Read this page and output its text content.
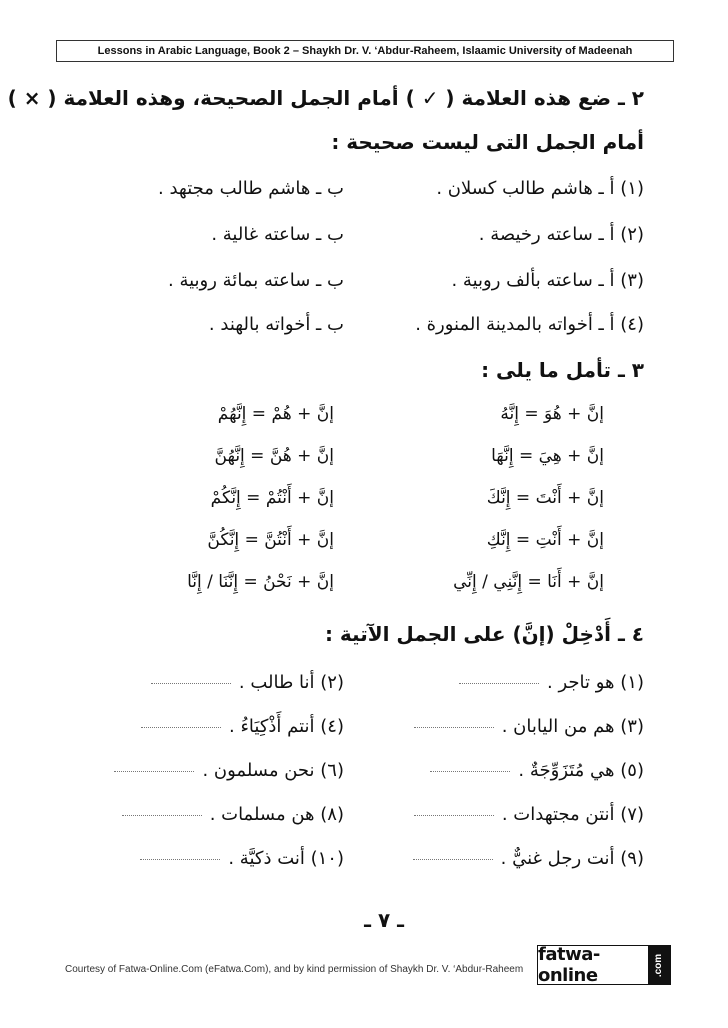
Lessons in Arabic Language, Book 2 – Shaykh Dr. V. ‘Abdur-Raheem, Islaamic University of Madeenah
٢ ـ ضع هذه العلامة ( ✓ ) أمام الجمل الصحيحة، وهذه العلامة ( × )
أمام الجمل التى ليست صحيحة :
(١) أ ـ هاشم طالب كسلان .
ب ـ هاشم طالب مجتهد .
(٢) أ ـ ساعته رخيصة .
ب ـ ساعته غالية .
(٣) أ ـ ساعته بألف روبية .
ب ـ ساعته بمائة روبية .
(٤) أ ـ أخواته بالمدينة المنورة .
ب ـ أخواته بالهند .
٣ ـ تأمل ما يلى :
إنَّ + هُوَ = إِنَّهُ
إنَّ + هُمْ = إِنَّهُمْ
إنَّ + هِيَ = إِنَّهَا
إنَّ + هُنَّ = إِنَّهُنَّ
إنَّ + أَنْتَ = إِنَّكَ
إنَّ + أَنْتُمْ = إِنَّكُمْ
إنَّ + أَنْتِ = إِنَّكِ
إنَّ + أَنْتُنَّ = إِنَّكُنَّ
إنَّ + أَنَا = إِنَّنِي / إِنِّي
إنَّ + نَحْنُ = إِنَّنَا / إِنَّا
٤ ـ أَدْخِلْ (إنَّ) على الجمل الآتية :
(١) هو تاجر .
(٢) أنا طالب .
(٣) هم من اليابان .
(٤) أنتم أَذْكِيَاءُ .
(٥) هي مُتَزَوِّجَةٌ .
(٦) نحن مسلمون .
(٧) أنتن مجتهدات .
(٨) هن مسلمات .
(٩) أنت رجل غنيٌّ .
(١٠) أنت ذكيَّة .
ـ ٧ ـ
Courtesy of Fatwa-Online.Com (eFatwa.Com), and by kind permission of Shaykh Dr. V. ‘Abdur-Raheem
fatwa-online	.com
